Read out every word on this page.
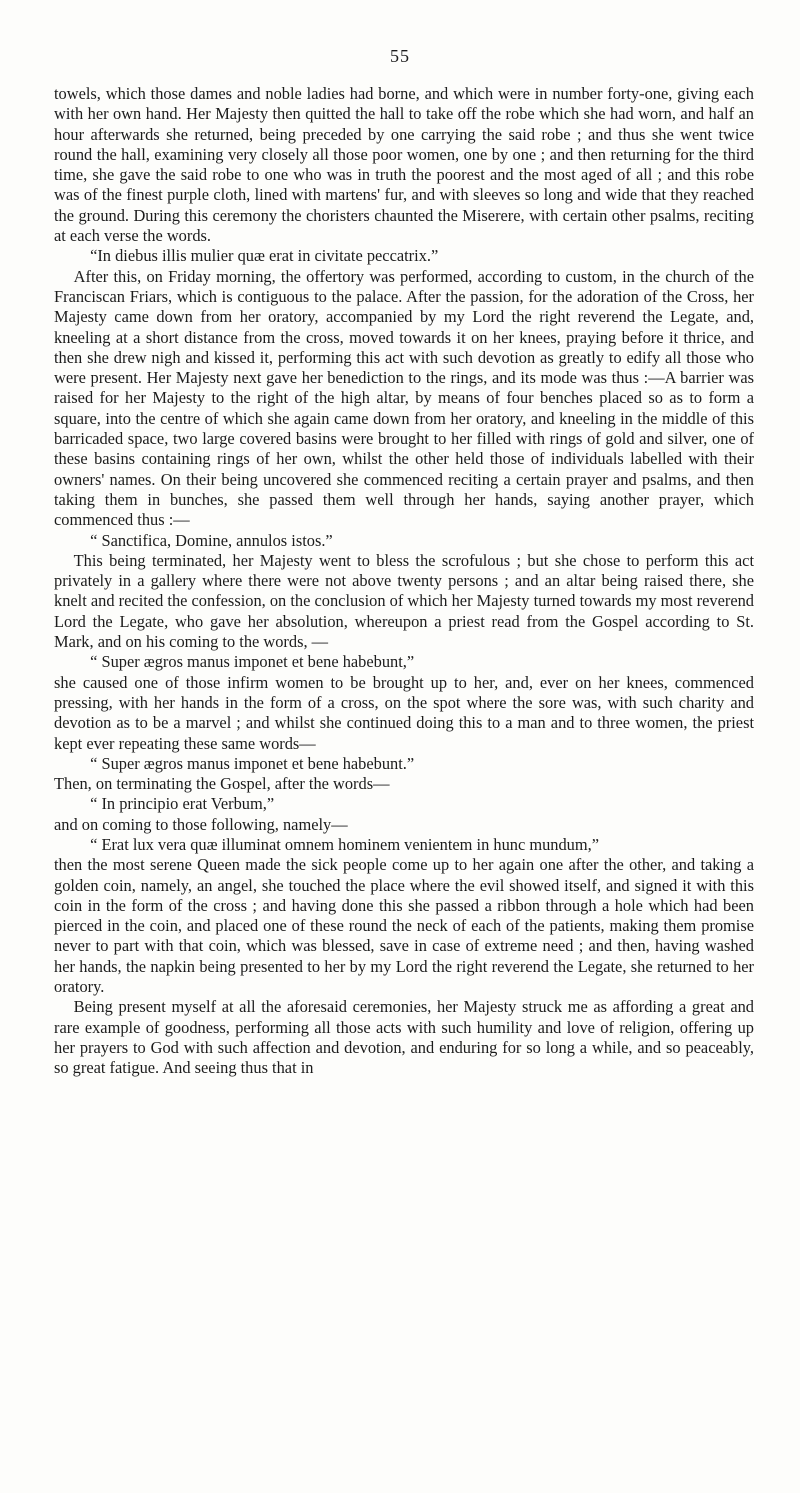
55

towels, which those dames and noble ladies had borne, and which were in number forty-one, giving each with her own hand. Her Majesty then quitted the hall to take off the robe which she had worn, and half an hour afterwards she returned, being preceded by one carrying the said robe ; and thus she went twice round the hall, examining very closely all those poor women, one by one ; and then returning for the third time, she gave the said robe to one who was in truth the poorest and the most aged of all ; and this robe was of the finest purple cloth, lined with martens' fur, and with sleeves so long and wide that they reached the ground. During this ceremony the choristers chaunted the Miserere, with certain other psalms, reciting at each verse the words.

“In diebus illis mulier quæ erat in civitate peccatrix.”

After this, on Friday morning, the offertory was performed, according to custom, in the church of the Franciscan Friars, which is contiguous to the palace. After the passion, for the adoration of the Cross, her Majesty came down from her oratory, accompanied by my Lord the right reverend the Legate, and, kneeling at a short distance from the cross, moved towards it on her knees, praying before it thrice, and then she drew nigh and kissed it, performing this act with such devotion as greatly to edify all those who were present. Her Majesty next gave her benediction to the rings, and its mode was thus :—A barrier was raised for her Majesty to the right of the high altar, by means of four benches placed so as to form a square, into the centre of which she again came down from her oratory, and kneeling in the middle of this barricaded space, two large covered basins were brought to her filled with rings of gold and silver, one of these basins containing rings of her own, whilst the other held those of individuals labelled with their owners' names. On their being uncovered she commenced reciting a certain prayer and psalms, and then taking them in bunches, she passed them well through her hands, saying another prayer, which commenced thus :—

“ Sanctifica, Domine, annulos istos.”

This being terminated, her Majesty went to bless the scrofulous ; but she chose to perform this act privately in a gallery where there were not above twenty persons ; and an altar being raised there, she knelt and recited the confession, on the conclusion of which her Majesty turned towards my most reverend Lord the Legate, who gave her absolution, whereupon a priest read from the Gospel according to St. Mark, and on his coming to the words, —

“ Super ægros manus imponet et bene habebunt,”

she caused one of those infirm women to be brought up to her, and, ever on her knees, commenced pressing, with her hands in the form of a cross, on the spot where the sore was, with such charity and devotion as to be a marvel ; and whilst she continued doing this to a man and to three women, the priest kept ever repeating these same words—

“ Super ægros manus imponet et bene habebunt.”

Then, on terminating the Gospel, after the words—

“ In principio erat Verbum,”

and on coming to those following, namely—

“ Erat lux vera quæ illuminat omnem hominem venientem in hunc mundum,”

then the most serene Queen made the sick people come up to her again one after the other, and taking a golden coin, namely, an angel, she touched the place where the evil showed itself, and signed it with this coin in the form of the cross ; and having done this she passed a ribbon through a hole which had been pierced in the coin, and placed one of these round the neck of each of the patients, making them promise never to part with that coin, which was blessed, save in case of extreme need ; and then, having washed her hands, the napkin being presented to her by my Lord the right reverend the Legate, she returned to her oratory.

Being present myself at all the aforesaid ceremonies, her Majesty struck me as affording a great and rare example of goodness, performing all those acts with such humility and love of religion, offering up her prayers to God with such affection and devotion, and enduring for so long a while, and so peaceably, so great fatigue. And seeing thus that in
